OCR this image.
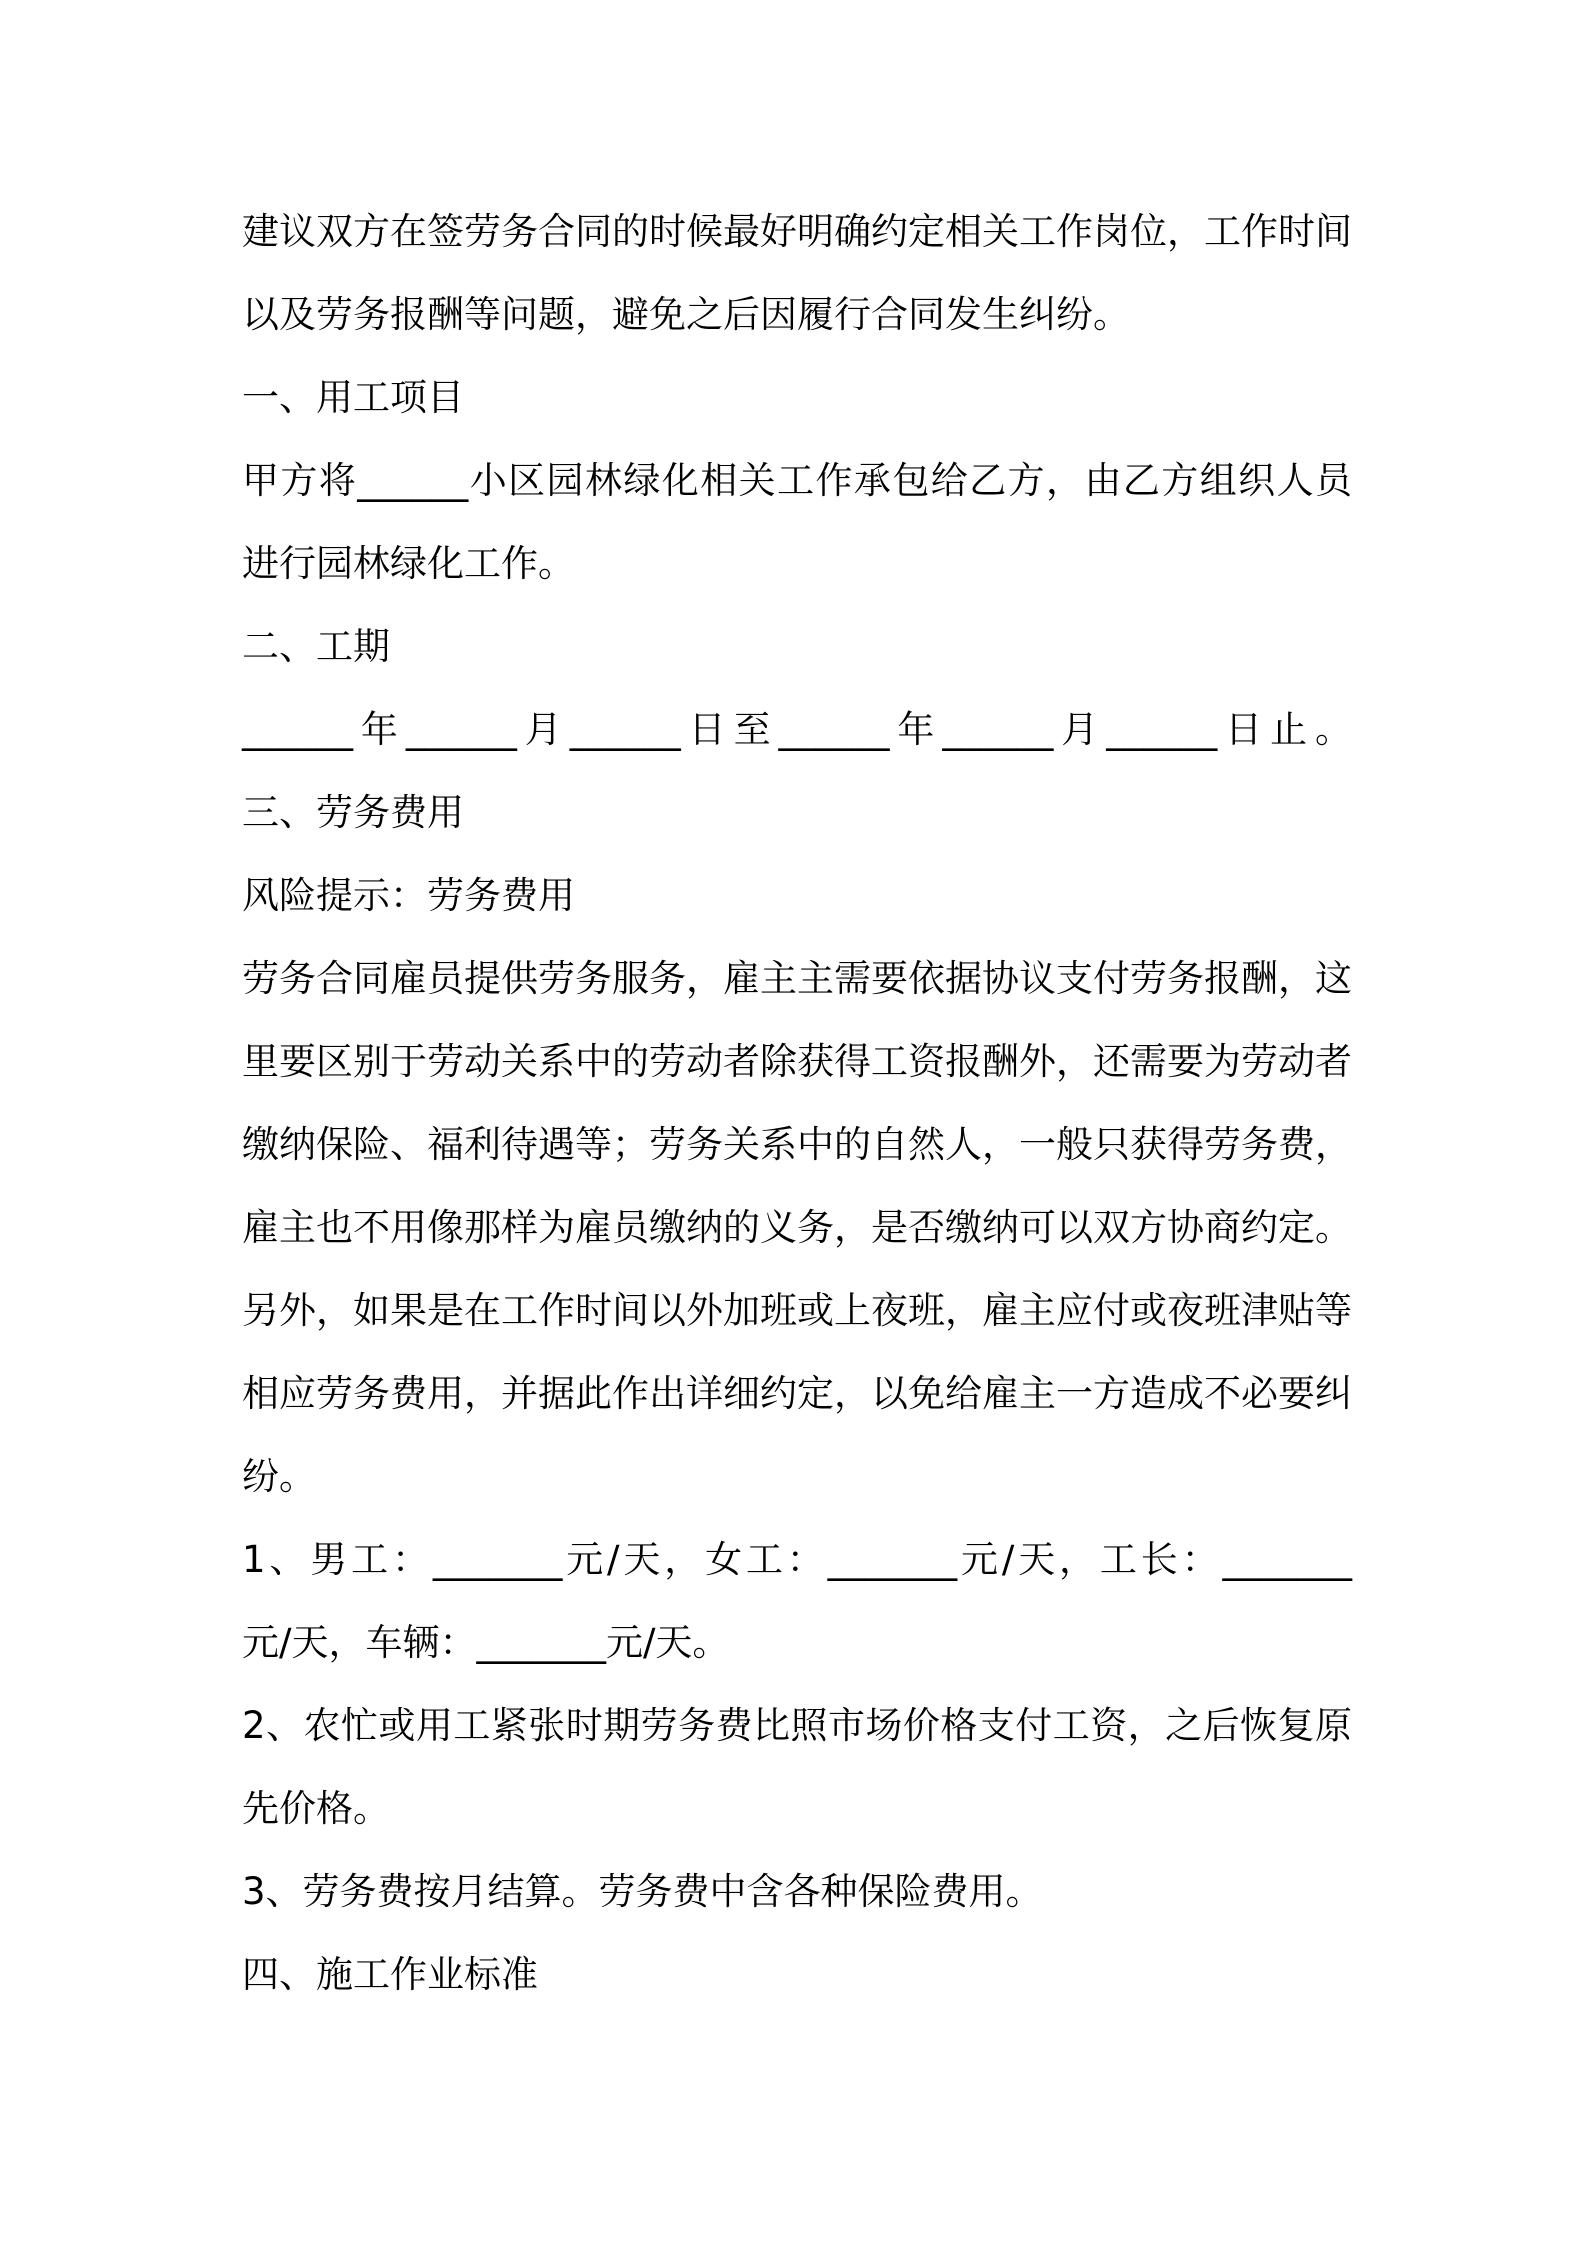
建议双方在签劳务合同的时候最好明确约定相关工作岗位，工作时间
以及劳务报酬等问题，避免之后因履行合同发生纠纷。
一、用工项目
甲方将______小区园林绿化相关工作承包给乙方，由乙方组织人员
进行园林绿化工作。
二、工期
______年______月______日至______年______月______日止。
三、劳务费用
风险提示：劳务费用
劳务合同雇员提供劳务服务，雇主主需要依据协议支付劳务报酬，这
里要区别于劳动关系中的劳动者除获得工资报酬外，还需要为劳动者
缴纳保险、福利待遇等；劳务关系中的自然人，一般只获得劳务费，
雇主也不用像那样为雇员缴纳的义务，是否缴纳可以双方协商约定。
另外，如果是在工作时间以外加班或上夜班，雇主应付或夜班津贴等
相应劳务费用，并据此作出详细约定，以免给雇主一方造成不必要纠
纷。
1、男工：_______元/天，女工：_______元/天，工长：_______
元/天，车辆：_______元/天。
2、农忙或用工紧张时期劳务费比照市场价格支付工资，之后恢复原
先价格。
3、劳务费按月结算。劳务费中含各种保险费用。
四、施工作业标准
